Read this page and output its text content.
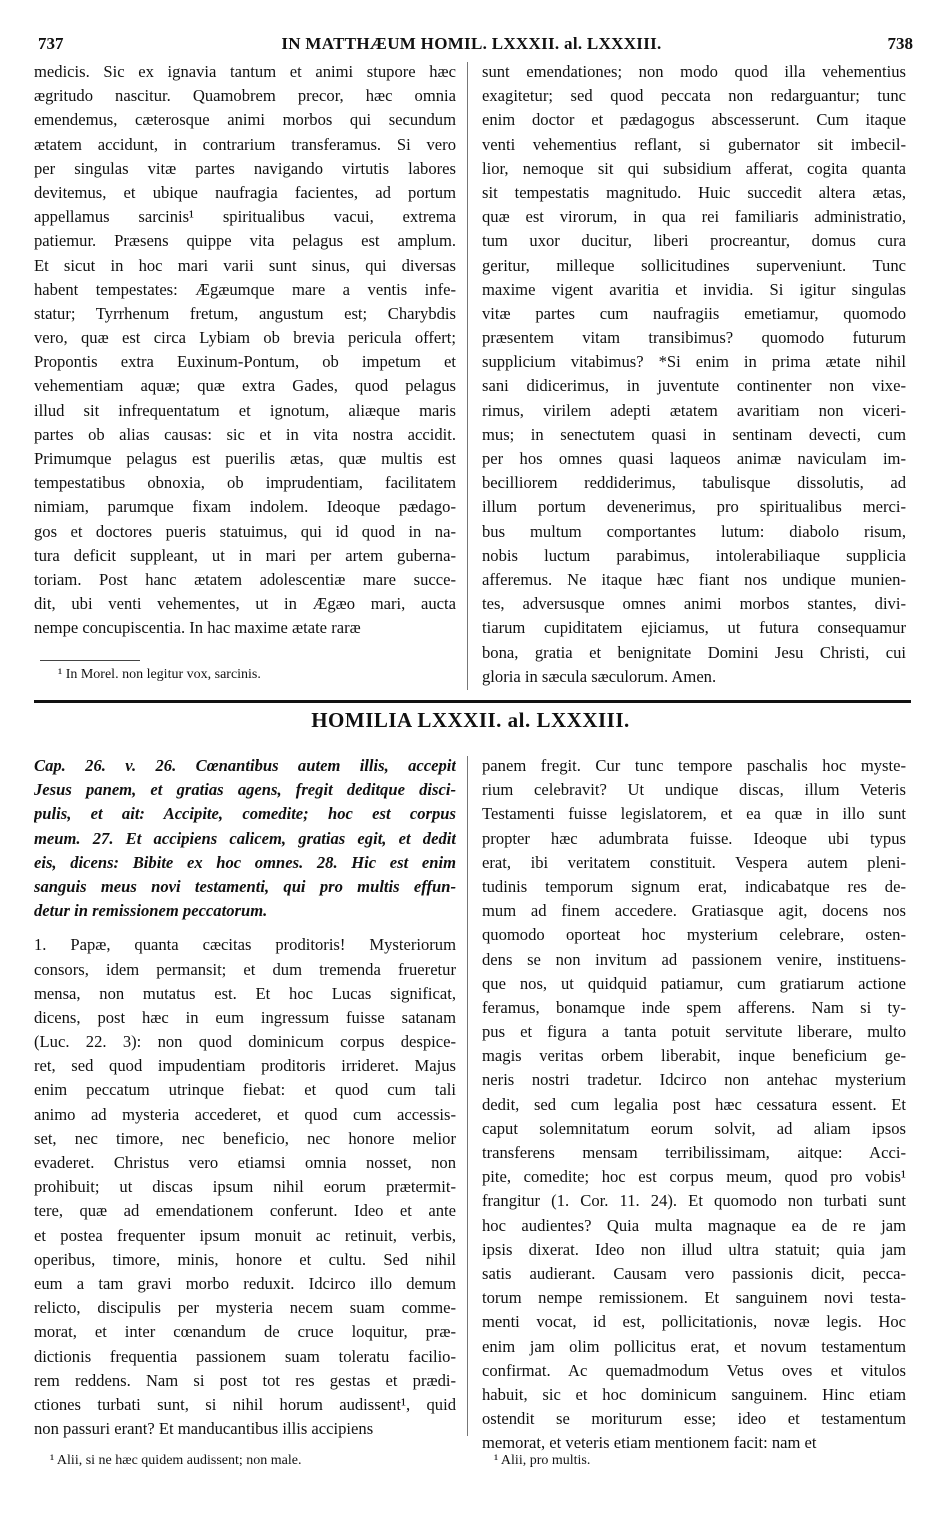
737	IN MATTHÆUM HOMIL. LXXXII. al. LXXXIII.	738
medicis. Sic ex ignavia tantum et animi stupore hæc
ægritudo nascitur. Quamobrem precor, hæc omnia
emendemus, cæterosque animi morbos qui secundum
ætatem accidunt, in contrarium transferamus. Si vero
per singulas vitæ partes navigando virtutis labores
devitemus, et ubique naufragia facientes, ad portum
appellamus sarcinis¹ spiritualibus vacui, extrema
patiemur. Præsens quippe vita pelagus est amplum.
Et sicut in hoc mari varii sunt sinus, qui diversas
habent tempestates: Ægæumque mare a ventis infe-
statur; Tyrrhenum fretum, angustum est; Charybdis
vero, quæ est circa Lybiam ob brevia pericula offert;
Propontis extra Euxinum-Pontum, ob impetum et
vehementiam aquæ; quæ extra Gades, quod pelagus
illud sit infrequentatum et ignotum, aliæque maris
partes ob alias causas: sic et in vita nostra accidit.
Primumque pelagus est puerilis ætas, quæ multis est
tempestatibus obnoxia, ob imprudentiam, facilitatem
nimiam, parumque fixam indolem. Ideoque pædago-
gos et doctores pueris statuimus, qui id quod in na-
tura deficit suppleant, ut in mari per artem guberna-
toriam. Post hanc ætatem adolescentiæ mare succe-
dit, ubi venti vehementes, ut in Ægæo mari, aucta
nempe concupiscentia. In hac maxime ætate raræ
sunt emendationes; non modo quod illa vehementius
exagitetur; sed quod peccata non redarguantur; tunc
enim doctor et pædagogus abscesserunt. Cum itaque
venti vehementius reflant, si gubernator sit imbecil-
lior, nemoque sit qui subsidium afferat, cogita quanta
sit tempestatis magnitudo. Huic succedit altera ætas,
quæ est virorum, in qua rei familiaris administratio,
tum uxor ducitur, liberi procreantur, domus cura
geritur, milleque sollicitudines superveniunt. Tunc
maxime vigent avaritia et invidia. Si igitur singulas
vitæ partes cum naufragiis emetiamur, quomodo
præsentem vitam transibimus? quomodo futurum
supplicium vitabimus? *Si enim in prima ætate nihil
sani didicerimus, in juventute continenter non vixe-
rimus, virilem adepti ætatem avaritiam non viceri-
mus; in senectutem quasi in sentinam devecti, cum
per hos omnes quasi laqueos animæ naviculam im-
becilliorem reddiderimus, tabulisque dissolutis, ad
illum portum devenerimus, pro spiritualibus merci-
bus multum comportantes lutum: diabolo risum,
nobis luctum parabimus, intolerabiliaque supplicia
afferemus. Ne itaque hæc fiant nos undique munien-
tes, adversusque omnes animi morbos stantes, divi-
tiarum cupiditatem ejiciamus, ut futura consequamur
bona, gratia et benignitate Domini Jesu Christi, cui
gloria in sæcula sæculorum. Amen.
¹ In Morel. non legitur vox, sarcinis.
HOMILIA LXXXII. al. LXXXIII.
Cap. 26. v. 26. Cœnantibus autem illis, accepit
Jesus panem, et gratias agens, fregit deditque disci-
pulis, et ait: Accipite, comedite; hoc est corpus
meum. 27. Et accipiens calicem, gratias egit, et dedit
eis, dicens: Bibite ex hoc omnes. 28. Hic est enim
sanguis meus novi testamenti, qui pro multis effun-
detur in remissionem peccatorum.
1. Papæ, quanta cæcitas proditoris! Mysteriorum
consors, idem permansit; et dum tremenda frueretur
mensa, non mutatus est. Et hoc Lucas significat,
dicens, post hæc in eum ingressum fuisse satanam
(Luc. 22. 3): non quod dominicum corpus despice-
ret, sed quod impudentiam proditoris irrideret. Majus
enim peccatum utrinque fiebat: et quod cum tali
animo ad mysteria accederet, et quod cum accessis-
set, nec timore, nec beneficio, nec honore melior
evaderet. Christus vero etiamsi omnia nosset, non
prohibuit; ut discas ipsum nihil eorum prætermit-
tere, quæ ad emendationem conferunt. Ideo et ante
et postea frequenter ipsum monuit ac retinuit, verbis,
operibus, timore, minis, honore et cultu. Sed nihil
eum a tam gravi morbo reduxit. Idcirco illo demum
relicto, discipulis per mysteria necem suam comme-
morat, et inter cœnandum de cruce loquitur, præ-
dictionis frequentia passionem suam toleratu facilio-
rem reddens. Nam si post tot res gestas et prædi-
ctiones turbati sunt, si nihil horum audissent¹, quid
non passuri erant? Et manducantibus illis accipiens
panem fregit. Cur tunc tempore paschalis hoc myste-
rium celebravit? Ut undique discas, illum Veteris
Testamenti fuisse legislatorem, et ea quæ in illo sunt
propter hæc adumbrata fuisse. Ideoque ubi typus
erat, ibi veritatem constituit. Vespera autem pleni-
tudinis temporum signum erat, indicabatque res de-
mum ad finem accedere. Gratiasque agit, docens nos
quomodo oporteat hoc mysterium celebrare, osten-
dens se non invitum ad passionem venire, instituens-
que nos, ut quidquid patiamur, cum gratiarum actione
feramus, bonamque inde spem afferens. Nam si ty-
pus et figura a tanta potuit servitute liberare, multo
magis veritas orbem liberabit, inque beneficium ge-
neris nostri tradetur. Idcirco non antehac mysterium
dedit, sed cum legalia post hæc cessatura essent. Et
caput solemnitatum eorum solvit, ad aliam ipsos
transferens mensam terribilissimam, aitque: Acci-
pite, comedite; hoc est corpus meum, quod pro vobis¹
frangitur (1. Cor. 11. 24). Et quomodo non turbati sunt
hoc audientes? Quia multa magnaque ea de re jam
ipsis dixerat. Ideo non illud ultra statuit; quia jam
satis audierant. Causam vero passionis dicit, pecca-
torum nempe remissionem. Et sanguinem novi testa-
menti vocat, id est, pollicitationis, novæ legis. Hoc
enim jam olim pollicitus erat, et novum testamentum
confirmat. Ac quemadmodum Vetus oves et vitulos
habuit, sic et hoc dominicum sanguinem. Hinc etiam
ostendit se moriturum esse; ideo et testamentum
memorat, et veteris etiam mentionem facit: nam et
¹ Alii, si ne hæc quidem audissent; non male.	¹ Alii, pro multis.
